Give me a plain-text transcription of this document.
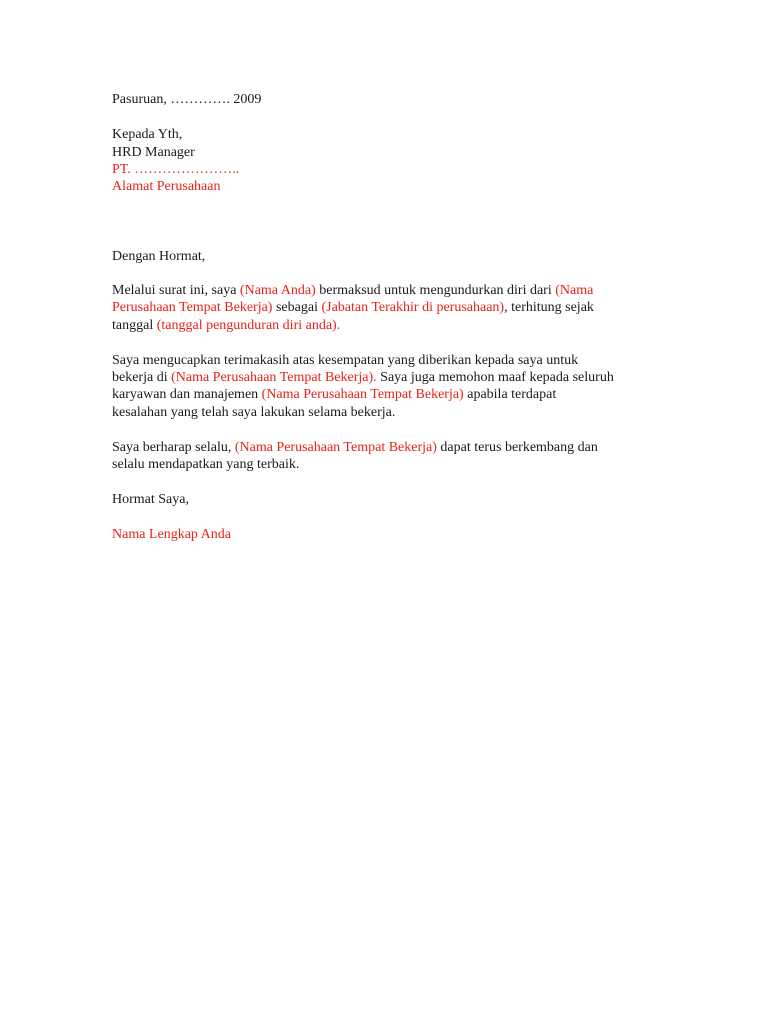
Pasuruan, …………. 2009
Kepada Yth,
HRD Manager
PT. …………………..
Alamat Perusahaan
Dengan Hormat,
Melalui surat ini, saya (Nama Anda) bermaksud untuk mengundurkan diri dari (Nama
Perusahaan Tempat Bekerja) sebagai (Jabatan Terakhir di perusahaan), terhitung sejak
tanggal (tanggal pengunduran diri anda).
Saya mengucapkan terimakasih atas kesempatan yang diberikan kepada saya untuk
bekerja di (Nama Perusahaan Tempat Bekerja). Saya juga memohon maaf kepada seluruh
karyawan dan manajemen (Nama Perusahaan Tempat Bekerja) apabila terdapat
kesalahan yang telah saya lakukan selama bekerja.
Saya berharap selalu, (Nama Perusahaan Tempat Bekerja) dapat terus berkembang dan
selalu mendapatkan yang terbaik.
Hormat Saya,
Nama Lengkap Anda
